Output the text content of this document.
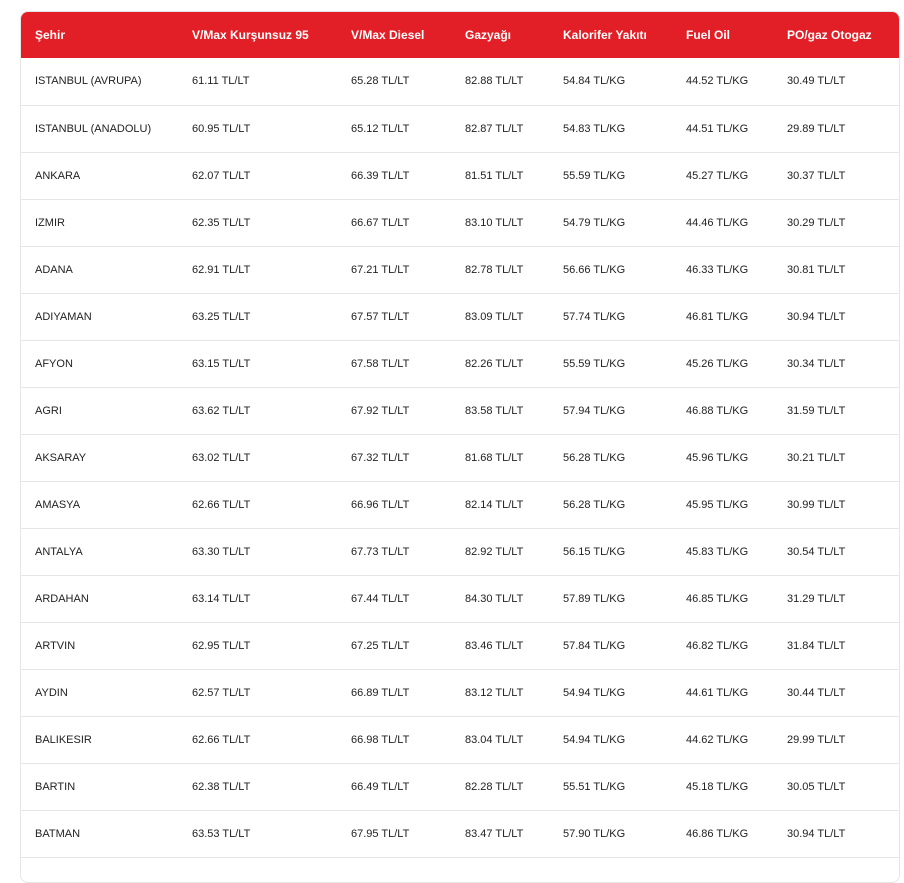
Şehir	V/Max Kurşunsuz 95	V/Max Diesel	Gazyağı	Kalorifer Yakıtı	Fuel Oil	PO/gaz Otogaz
ISTANBUL (AVRUPA)	61.11 TL/LT	65.28 TL/LT	82.88 TL/LT	54.84 TL/KG	44.52 TL/KG	30.49 TL/LT
ISTANBUL (ANADOLU)	60.95 TL/LT	65.12 TL/LT	82.87 TL/LT	54.83 TL/KG	44.51 TL/KG	29.89 TL/LT
ANKARA	62.07 TL/LT	66.39 TL/LT	81.51 TL/LT	55.59 TL/KG	45.27 TL/KG	30.37 TL/LT
IZMIR	62.35 TL/LT	66.67 TL/LT	83.10 TL/LT	54.79 TL/KG	44.46 TL/KG	30.29 TL/LT
ADANA	62.91 TL/LT	67.21 TL/LT	82.78 TL/LT	56.66 TL/KG	46.33 TL/KG	30.81 TL/LT
ADIYAMAN	63.25 TL/LT	67.57 TL/LT	83.09 TL/LT	57.74 TL/KG	46.81 TL/KG	30.94 TL/LT
AFYON	63.15 TL/LT	67.58 TL/LT	82.26 TL/LT	55.59 TL/KG	45.26 TL/KG	30.34 TL/LT
AGRI	63.62 TL/LT	67.92 TL/LT	83.58 TL/LT	57.94 TL/KG	46.88 TL/KG	31.59 TL/LT
AKSARAY	63.02 TL/LT	67.32 TL/LT	81.68 TL/LT	56.28 TL/KG	45.96 TL/KG	30.21 TL/LT
AMASYA	62.66 TL/LT	66.96 TL/LT	82.14 TL/LT	56.28 TL/KG	45.95 TL/KG	30.99 TL/LT
ANTALYA	63.30 TL/LT	67.73 TL/LT	82.92 TL/LT	56.15 TL/KG	45.83 TL/KG	30.54 TL/LT
ARDAHAN	63.14 TL/LT	67.44 TL/LT	84.30 TL/LT	57.89 TL/KG	46.85 TL/KG	31.29 TL/LT
ARTVIN	62.95 TL/LT	67.25 TL/LT	83.46 TL/LT	57.84 TL/KG	46.82 TL/KG	31.84 TL/LT
AYDIN	62.57 TL/LT	66.89 TL/LT	83.12 TL/LT	54.94 TL/KG	44.61 TL/KG	30.44 TL/LT
BALIKESIR	62.66 TL/LT	66.98 TL/LT	83.04 TL/LT	54.94 TL/KG	44.62 TL/KG	29.99 TL/LT
BARTIN	62.38 TL/LT	66.49 TL/LT	82.28 TL/LT	55.51 TL/KG	45.18 TL/KG	30.05 TL/LT
BATMAN	63.53 TL/LT	67.95 TL/LT	83.47 TL/LT	57.90 TL/KG	46.86 TL/KG	30.94 TL/LT
